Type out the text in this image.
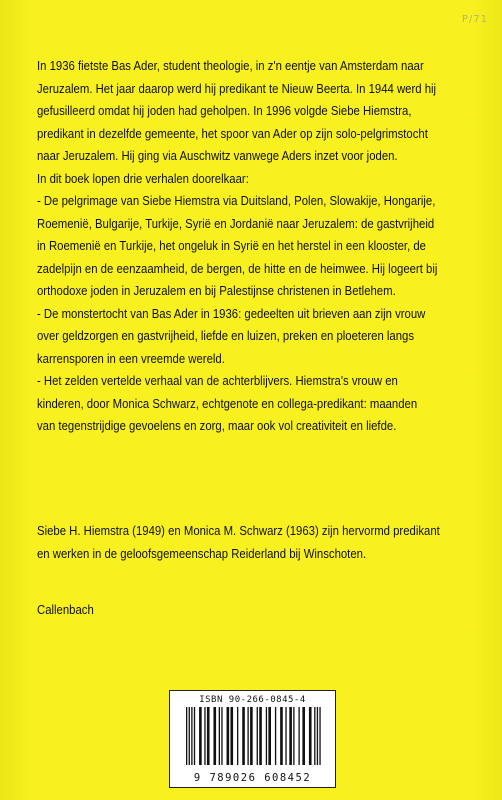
P/71

In 1936 fietste Bas Ader, student theologie, in z'n eentje van Amsterdam naar

Jeruzalem. Het jaar daarop werd hij predikant te Nieuw Beerta. In 1944 werd hij

gefusilleerd omdat hij joden had geholpen. In 1996 volgde Siebe Hiemstra,

predikant in dezelfde gemeente, het spoor van Ader op zijn solo-pelgrimstocht

naar Jeruzalem. Hij ging via Auschwitz vanwege Aders inzet voor joden.

In dit boek lopen drie verhalen doorelkaar:

- De pelgrimage van Siebe Hiemstra via Duitsland, Polen, Slowakije, Hongarije,

Roemenië, Bulgarije, Turkije, Syrië en Jordanië naar Jeruzalem: de gastvrijheid

in Roemenië en Turkije, het ongeluk in Syrië en het herstel in een klooster, de

zadelpijn en de eenzaamheid, de bergen, de hitte en de heimwee. Hij logeert bij

orthodoxe joden in Jeruzalem en bij Palestijnse christenen in Betlehem.

- De monstertocht van Bas Ader in 1936: gedeelten uit brieven aan zijn vrouw

over geldzorgen en gastvrijheid, liefde en luizen, preken en ploeteren langs

karrensporen in een vreemde wereld.

- Het zelden vertelde verhaal van de achterblijvers. Hiemstra's vrouw en

kinderen, door Monica Schwarz, echtgenote en collega-predikant: maanden

van tegenstrijdige gevoelens en zorg, maar ook vol creativiteit en liefde.

Siebe H. Hiemstra (1949) en Monica M. Schwarz (1963) zijn hervormd predikant

en werken in de geloofsgemeenschap Reiderland bij Winschoten.

Callenbach
ISBN 90-266-0845-4
9 789026 608452
